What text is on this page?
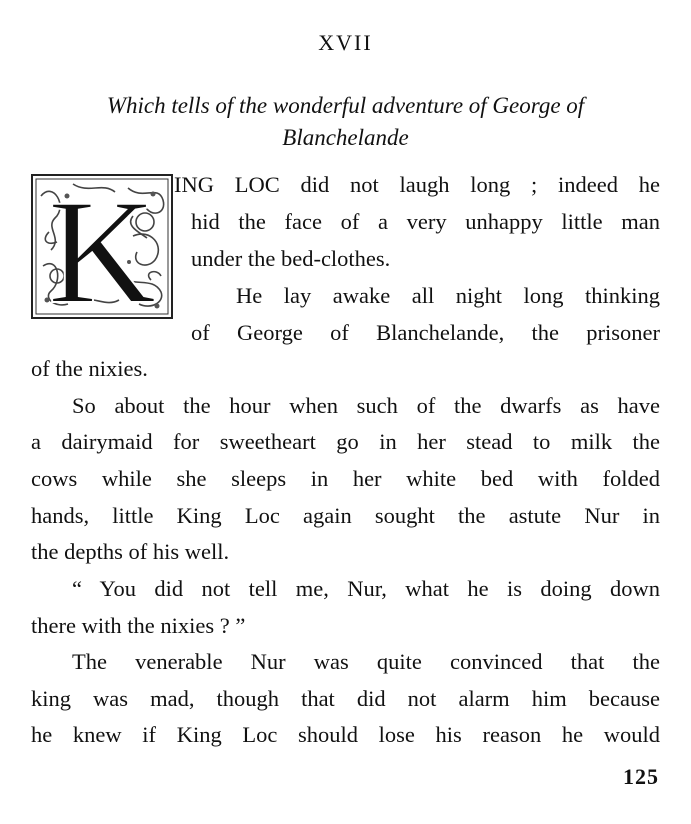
XVII
Which tells of the wonderful adventure of George of
Blanchelande
K ING LOC did not laugh long ; indeed he
hid the face of a very unhappy little man
under the bed-clothes.
He lay awake all night long thinking
of George of Blanchelande, the prisoner
of the nixies.
So about the hour when such of the dwarfs as have
a dairymaid for sweetheart go in her stead to milk the
cows while she sleeps in her white bed with folded
hands, little King Loc again sought the astute Nur in
the depths of his well.
“ You did not tell me, Nur, what he is doing down
there with the nixies ? ”
The venerable Nur was quite convinced that the
king was mad, though that did not alarm him because
he knew if King Loc should lose his reason he would
125
